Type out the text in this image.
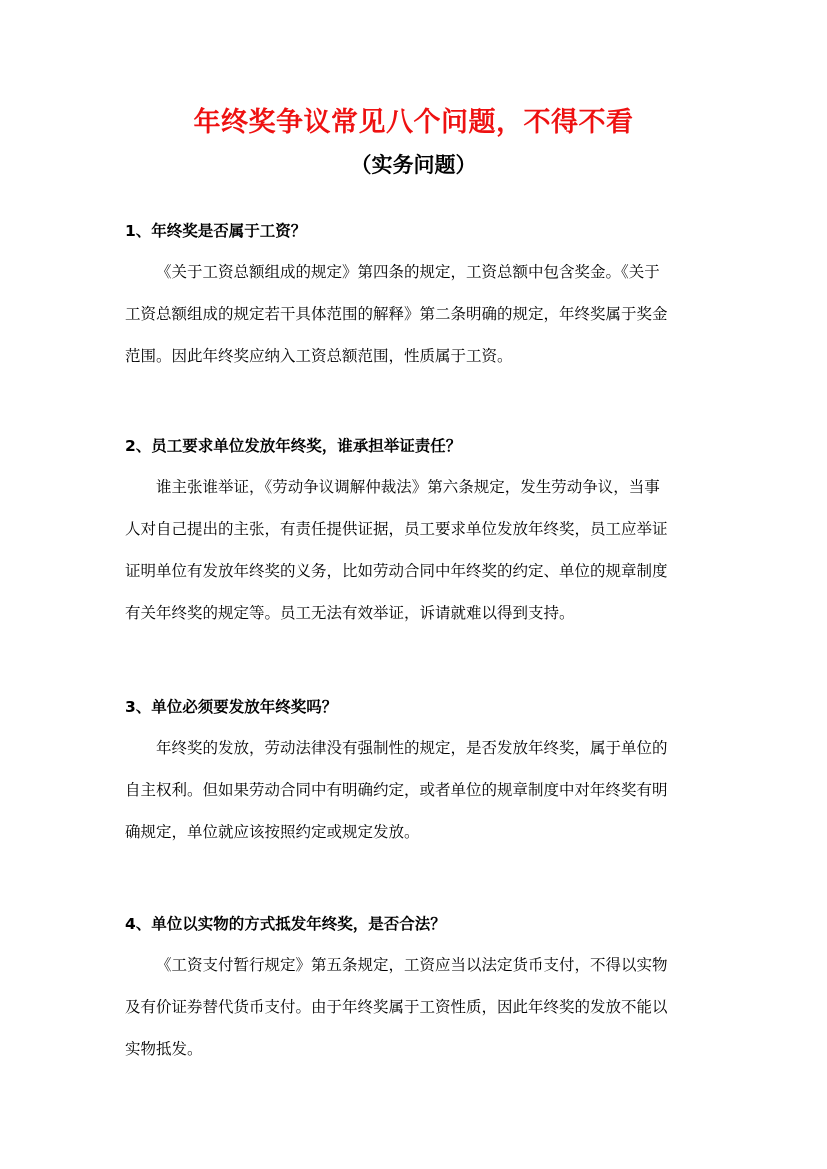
年终奖争议常见八个问题，不得不看
（实务问题）

1、年终奖是否属于工资？

《关于工资总额组成的规定》第四条的规定，工资总额中包含奖金。《关于
工资总额组成的规定若干具体范围的解释》第二条明确的规定，年终奖属于奖金
范围。因此年终奖应纳入工资总额范围，性质属于工资。

2、员工要求单位发放年终奖，谁承担举证责任？

谁主张谁举证，《劳动争议调解仲裁法》第六条规定，发生劳动争议，当事
人对自己提出的主张，有责任提供证据，员工要求单位发放年终奖，员工应举证
证明单位有发放年终奖的义务，比如劳动合同中年终奖的约定、单位的规章制度
有关年终奖的规定等。员工无法有效举证，诉请就难以得到支持。

3、单位必须要发放年终奖吗？

年终奖的发放，劳动法律没有强制性的规定，是否发放年终奖，属于单位的
自主权利。但如果劳动合同中有明确约定，或者单位的规章制度中对年终奖有明
确规定，单位就应该按照约定或规定发放。

4、单位以实物的方式抵发年终奖，是否合法？

《工资支付暂行规定》第五条规定，工资应当以法定货币支付，不得以实物
及有价证券替代货币支付。由于年终奖属于工资性质，因此年终奖的发放不能以
实物抵发。
